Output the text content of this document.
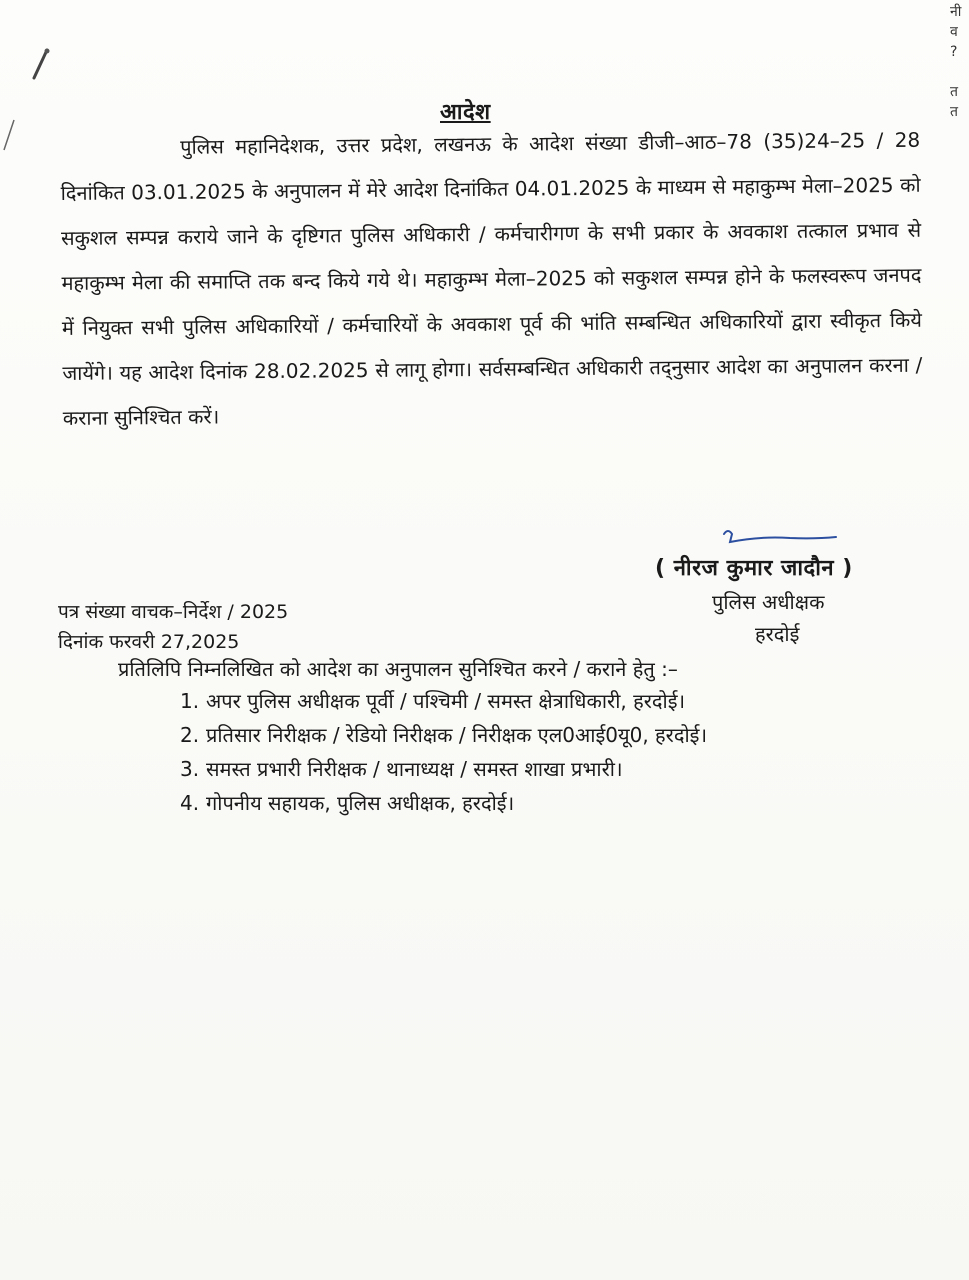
नी
व
?

त
त
आदेश
पुलिस महानिदेशक, उत्तर प्रदेश, लखनऊ के आदेश संख्या डीजी–आठ–78 (35)24–25 / 28 दिनांकित 03.01.2025 के अनुपालन में मेरे आदेश दिनांकित 04.01.2025 के माध्यम से महाकुम्भ मेला–2025 को सकुशल सम्पन्न कराये जाने के दृष्टिगत पुलिस अधिकारी / कर्मचारीगण के सभी प्रकार के अवकाश तत्काल प्रभाव से महाकुम्भ मेला की समाप्ति तक बन्द किये गये थे। महाकुम्भ मेला–2025 को सकुशल सम्पन्न होने के फलस्वरूप जनपद में नियुक्त सभी पुलिस अधिकारियों / कर्मचारियों के अवकाश पूर्व की भांति सम्बन्धित अधिकारियों द्वारा स्वीकृत किये जायेंगे। यह आदेश दिनांक 28.02.2025 से लागू होगा। सर्वसम्बन्धित अधिकारी तद्नुसार आदेश का अनुपालन करना / कराना सुनिश्चित करें।
( नीरज कुमार जादौन )
पुलिस अधीक्षक
हरदोई
पत्र संख्या वाचक–निर्देश / 2025
दिनांक फरवरी 27,2025
प्रतिलिपि निम्नलिखित को आदेश का अनुपालन सुनिश्चित करने / कराने हेतु :–
1. अपर पुलिस अधीक्षक पूर्वी / पश्चिमी / समस्त क्षेत्राधिकारी, हरदोई।
2. प्रतिसार निरीक्षक / रेडियो निरीक्षक / निरीक्षक एल0आई0यू0, हरदोई।
3. समस्त प्रभारी निरीक्षक / थानाध्यक्ष / समस्त शाखा प्रभारी।
4. गोपनीय सहायक, पुलिस अधीक्षक, हरदोई।
